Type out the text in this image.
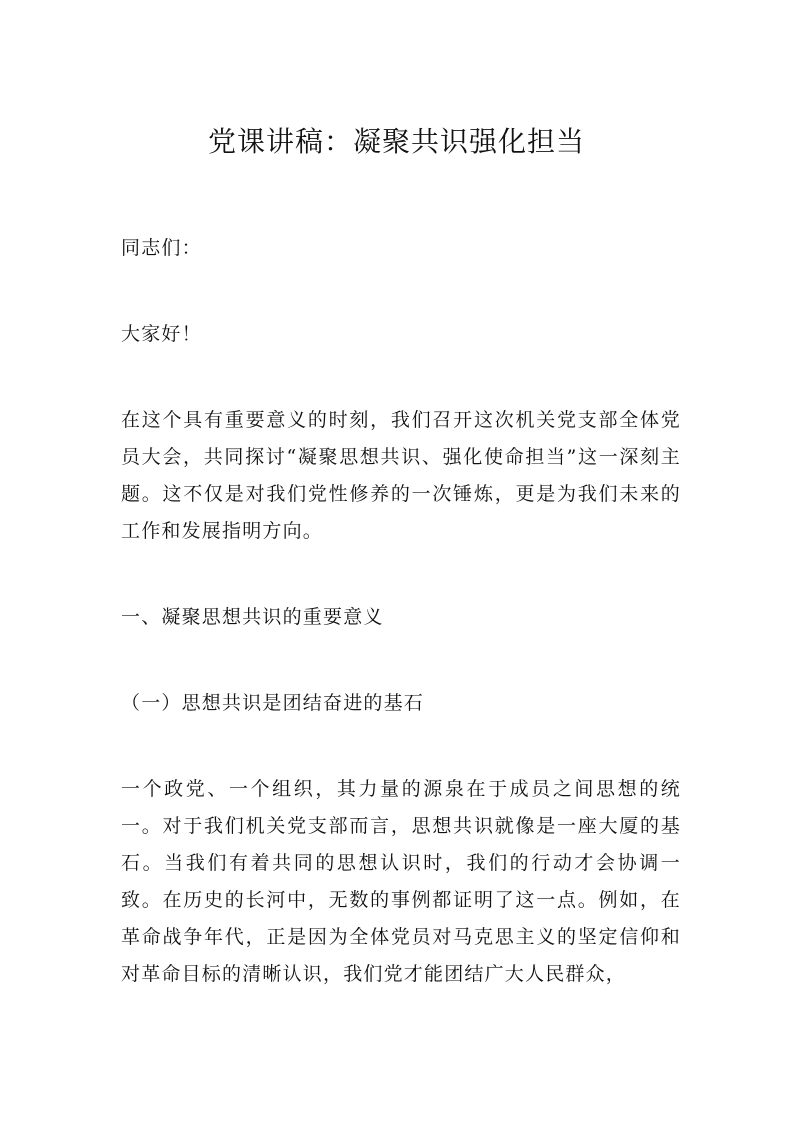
党课讲稿：凝聚共识强化担当

同志们：

大家好！

在这个具有重要意义的时刻，我们召开这次机关党支部全体党员大会，共同探讨“凝聚思想共识、强化使命担当”这一深刻主题。这不仅是对我们党性修养的一次锤炼，更是为我们未来的工作和发展指明方向。

一、凝聚思想共识的重要意义

（一）思想共识是团结奋进的基石

一个政党、一个组织，其力量的源泉在于成员之间思想的统一。对于我们机关党支部而言，思想共识就像是一座大厦的基石。当我们有着共同的思想认识时，我们的行动才会协调一致。在历史的长河中，无数的事例都证明了这一点。例如，在革命战争年代，正是因为全体党员对马克思主义的坚定信仰和对革命目标的清晰认识，我们党才能团结广大人民群众，
